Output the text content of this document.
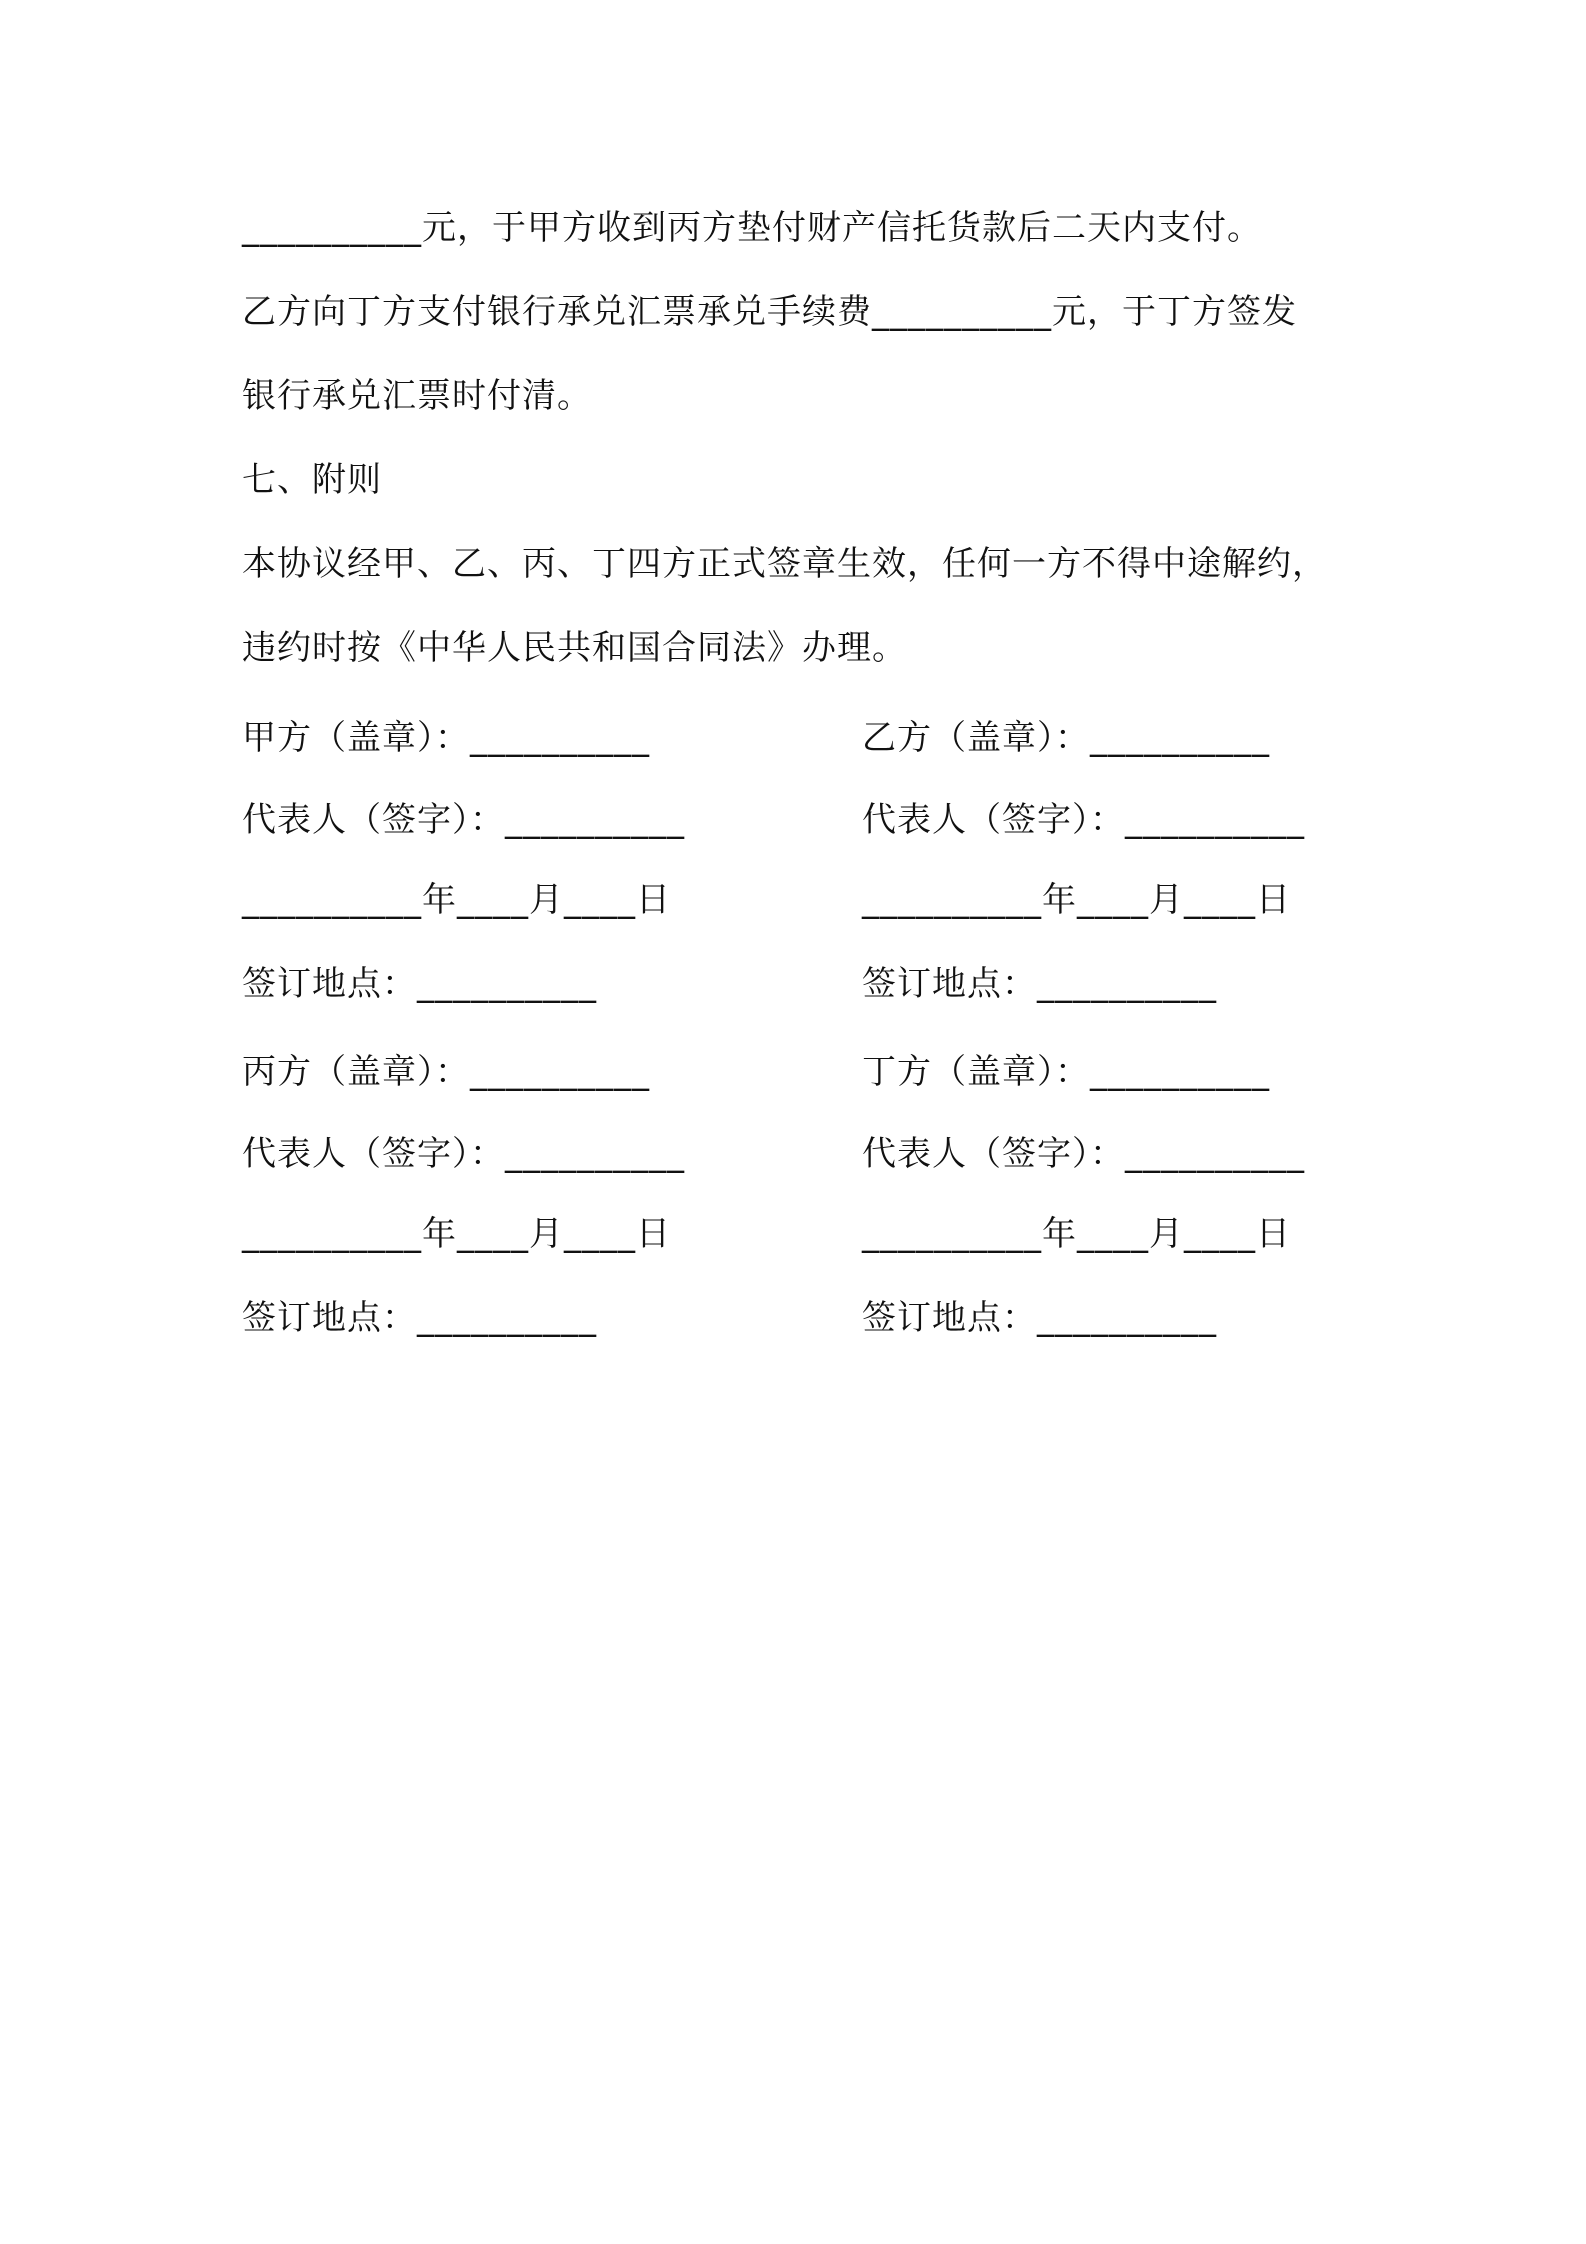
__________元，于甲方收到丙方垫付财产信托货款后二天内支付。
乙方向丁方支付银行承兑汇票承兑手续费__________元，于丁方签发
银行承兑汇票时付清。
七、附则
本协议经甲、乙、丙、丁四方正式签章生效，任何一方不得中途解约，
违约时按《中华人民共和国合同法》办理。
甲方（盖章）：__________	乙方（盖章）：__________
代表人（签字）：__________	代表人（签字）：__________
__________年____月____日	__________年____月____日
签订地点：__________	签订地点：__________
丙方（盖章）：__________	丁方（盖章）：__________
代表人（签字）：__________	代表人（签字）：__________
__________年____月____日	__________年____月____日
签订地点：__________	签订地点：__________
